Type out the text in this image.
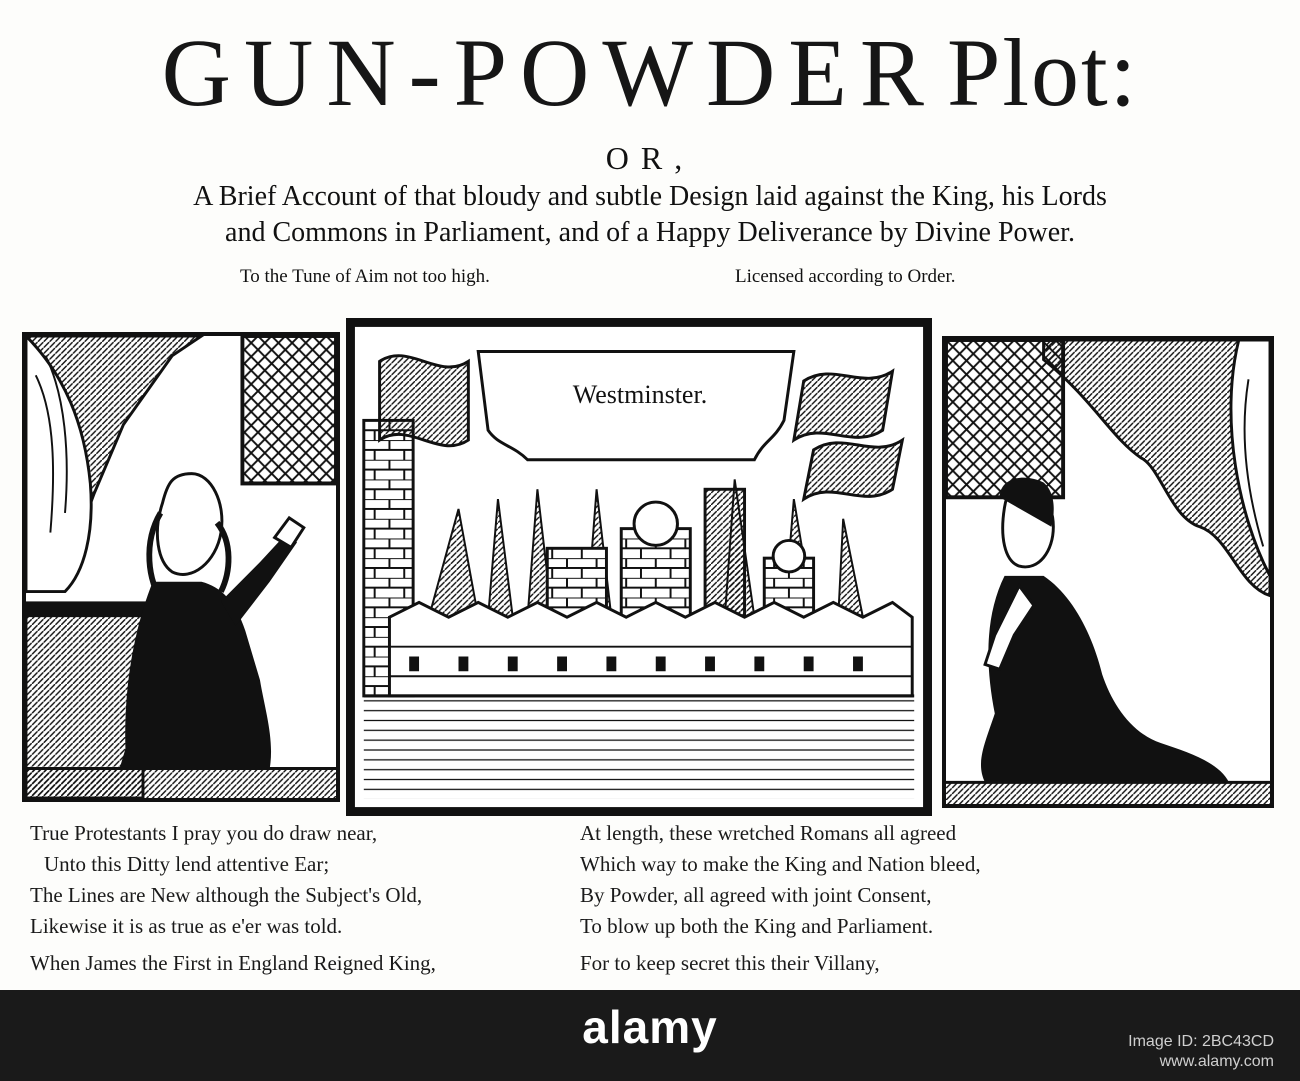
GUN-POWDER Plot:
OR,
A Brief Account of that bloudy and subtle Design laid against the King, his Lords
and Commons in Parliament, and of a Happy Deliverance by Divine Power.
To the Tune of Aim not too high.	Licensed according to Order.
Westminster.
True Protestants I pray you do draw near,
Unto this Ditty lend attentive Ear;
The Lines are New although the Subject's Old,
Likewise it is as true as e'er was told.
When James the First in England Reigned King,
At length, these wretched Romans all agreed
Which way to make the King and Nation bleed,
By Powder, all agreed with joint Consent,
To blow up both the King and Parliament.
For to keep secret this their Villany,
alamy	Image ID: 2BC43CD
www.alamy.com
